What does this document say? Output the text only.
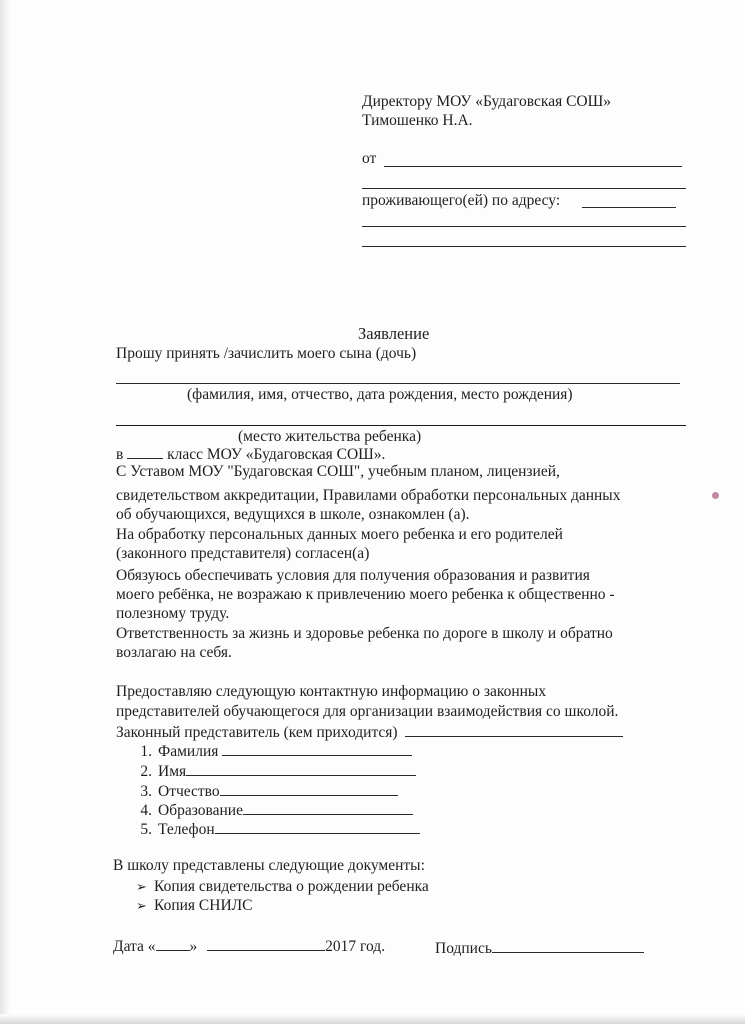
Директору МОУ «Будаговская СОШ»
Тимошенко Н.А.
от
проживающего(ей) по адресу:
Заявление
Прошу принять /зачислить моего сына (дочь)
(фамилия, имя, отчество, дата рождения, место рождения)
(место жительства ребенка)
в	класс МОУ «Будаговская СОШ».
С Уставом МОУ "Будаговская СОШ", учебным планом, лицензией,
свидетельством аккредитации, Правилами обработки персональных данных
об обучающихся, ведущихся в школе, ознакомлен (а).
На обработку персональных данных моего ребенка и его родителей
(законного представителя) согласен(а)
Обязуюсь обеспечивать условия для получения образования и развития
моего ребёнка, не возражаю к привлечению моего ребенка к общественно -
полезному труду.
Ответственность за жизнь и здоровье ребенка по дороге в школу и обратно
возлагаю на себя.
Предоставляю следующую контактную информацию о законных
представителей обучающегося для организации взаимодействия со школой.
Законный представитель (кем приходится)
1. Фамилия
2. Имя
3. Отчество
4. Образование
5. Телефон
В школу представлены следующие документы:
➢ Копия свидетельства о рождении ребенка
➢ Копия СНИЛС
Дата « »	2017 год.	Подпись
